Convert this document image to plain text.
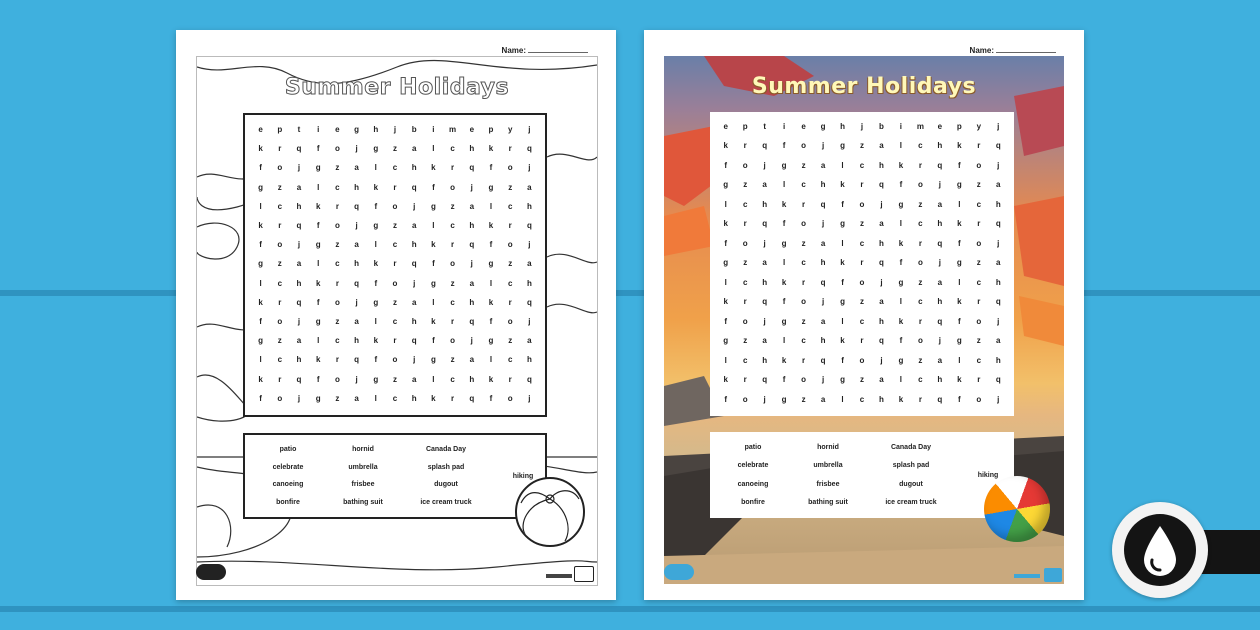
Name:
Summer Holidays
e	p	t	i	e	g	h	j	b	i	m	e	p	y	j
k	r	q	f	o	j	g	z	a	l	c	h	k	r	q
f	o	j	g	z	a	l	c	h	k	r	q	f	o	j
g	z	a	l	c	h	k	r	q	f	o	j	g	z	a
l	c	h	k	r	q	f	o	j	g	z	a	l	c	h
k	r	q	f	o	j	g	z	a	l	c	h	k	r	q
f	o	j	g	z	a	l	c	h	k	r	q	f	o	j
g	z	a	l	c	h	k	r	q	f	o	j	g	z	a
l	c	h	k	r	q	f	o	j	g	z	a	l	c	h
k	r	q	f	o	j	g	z	a	l	c	h	k	r	q
f	o	j	g	z	a	l	c	h	k	r	q	f	o	j
g	z	a	l	c	h	k	r	q	f	o	j	g	z	a
l	c	h	k	r	q	f	o	j	g	z	a	l	c	h
k	r	q	f	o	j	g	z	a	l	c	h	k	r	q
f	o	j	g	z	a	l	c	h	k	r	q	f	o	j
patio	hornid	Canada Day
celebrate	umbrella	splash pad
canoeing	frisbee	dugout
bonfire	bathing suit	ice cream truck
hiking
Name:
Summer Holidays
e	p	t	i	e	g	h	j	b	i	m	e	p	y	j
k	r	q	f	o	j	g	z	a	l	c	h	k	r	q
f	o	j	g	z	a	l	c	h	k	r	q	f	o	j
g	z	a	l	c	h	k	r	q	f	o	j	g	z	a
l	c	h	k	r	q	f	o	j	g	z	a	l	c	h
k	r	q	f	o	j	g	z	a	l	c	h	k	r	q
f	o	j	g	z	a	l	c	h	k	r	q	f	o	j
g	z	a	l	c	h	k	r	q	f	o	j	g	z	a
l	c	h	k	r	q	f	o	j	g	z	a	l	c	h
k	r	q	f	o	j	g	z	a	l	c	h	k	r	q
f	o	j	g	z	a	l	c	h	k	r	q	f	o	j
g	z	a	l	c	h	k	r	q	f	o	j	g	z	a
l	c	h	k	r	q	f	o	j	g	z	a	l	c	h
k	r	q	f	o	j	g	z	a	l	c	h	k	r	q
f	o	j	g	z	a	l	c	h	k	r	q	f	o	j
patio	hornid	Canada Day
celebrate	umbrella	splash pad
canoeing	frisbee	dugout
bonfire	bathing suit	ice cream truck
hiking
